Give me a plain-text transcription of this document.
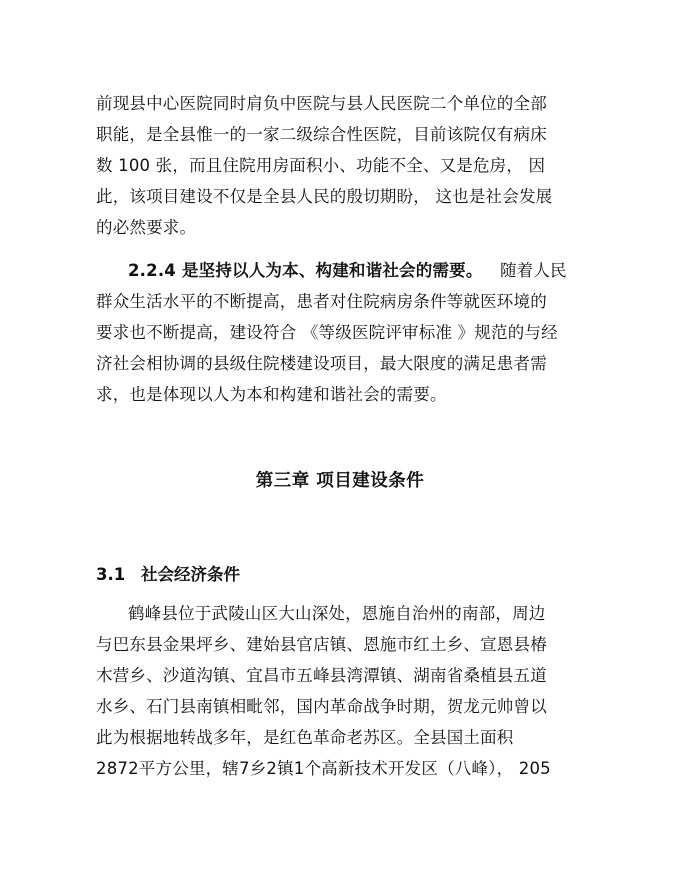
前现县中心医院同时肩负中医院与县人民医院二个单位的全部
职能，是全县惟一的一家二级综合性医院，目前该院仅有病床
数 100 张，而且住院用房面积小、功能不全、又是危房， 因
此，该项目建设不仅是全县人民的殷切期盼， 这也是社会发展
的必然要求。
2.2.4 是坚持以人为本、构建和谐社会的需要。 随着人民
群众生活水平的不断提高，患者对住院病房条件等就医环境的
要求也不断提高，建设符合 《等级医院评审标准 》规范的与经
济社会相协调的县级住院楼建设项目，最大限度的满足患者需
求，也是体现以人为本和构建和谐社会的需要。
第三章 项目建设条件
3.1 社会经济条件
鹤峰县位于武陵山区大山深处，恩施自治州的南部，周边
与巴东县金果坪乡、建始县官店镇、恩施市红土乡、宣恩县椿
木营乡、沙道沟镇、宜昌市五峰县湾潭镇、湖南省桑植县五道
水乡、石门县南镇相毗邻，国内革命战争时期，贺龙元帅曾以
此为根据地转战多年，是红色革命老苏区。全县国土面积
2872平方公里，辖7乡2镇1个高新技术开发区（八峰）， 205
